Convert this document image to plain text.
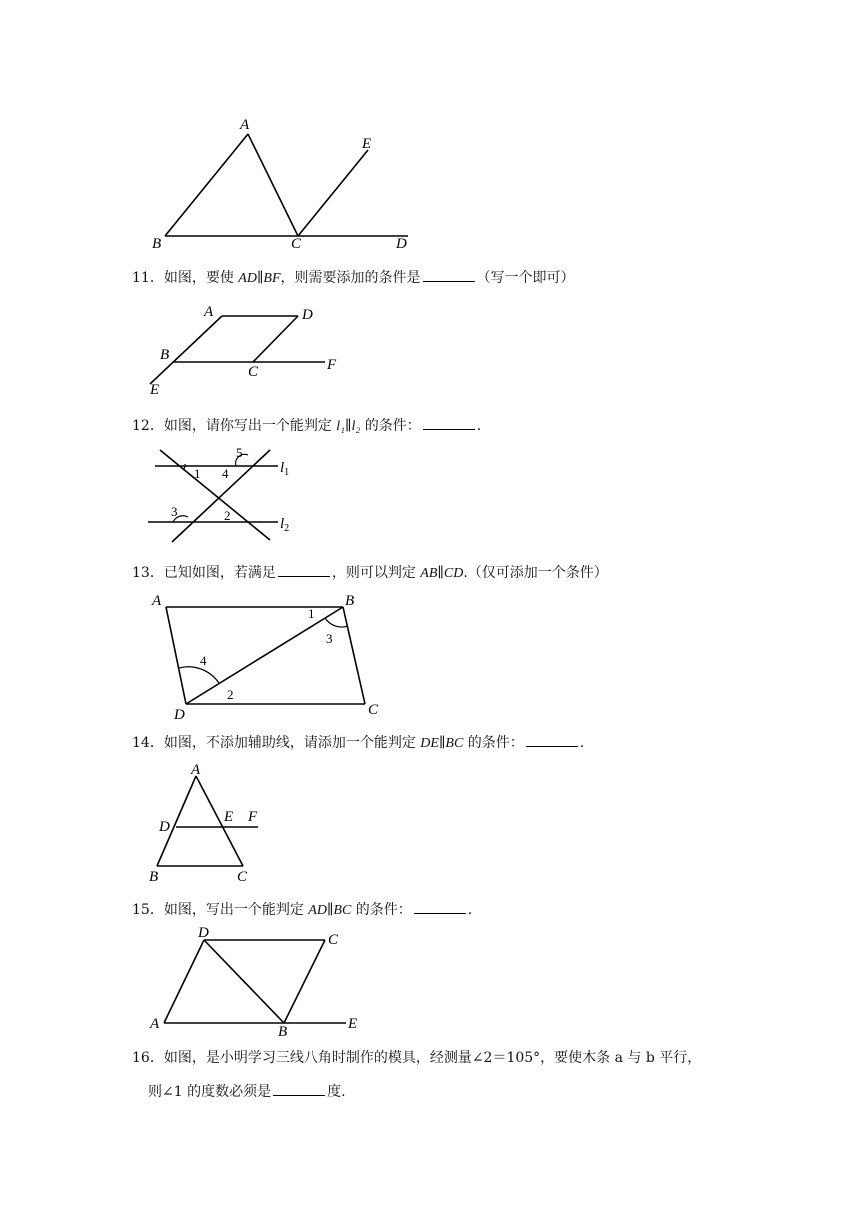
A
E
B	C	D
11．如图，要使 AD∥BF，则需要添加的条件是	（写一个即可）
A	D
B
C	F
E
12．如图，请你写出一个能判定 l₁∥l₂ 的条件：	.
5
1 4
3	2
$l_1$
$l_2$
13．已知如图，若满足	，则可以判定 AB∥CD.（仅可添加一个条件）
A	B
1
3
4
2
D	C
14．如图，不添加辅助线，请添加一个能判定 DE∥BC 的条件：	.
A
D
E F
B	C
15．如图，写出一个能判定 AD∥BC 的条件：	.
D	C
A	B	E
16．如图，是小明学习三线八角时制作的模具，经测量∠2＝105°，要使木条 a 与 b 平行，
则∠1 的度数必须是	度.
